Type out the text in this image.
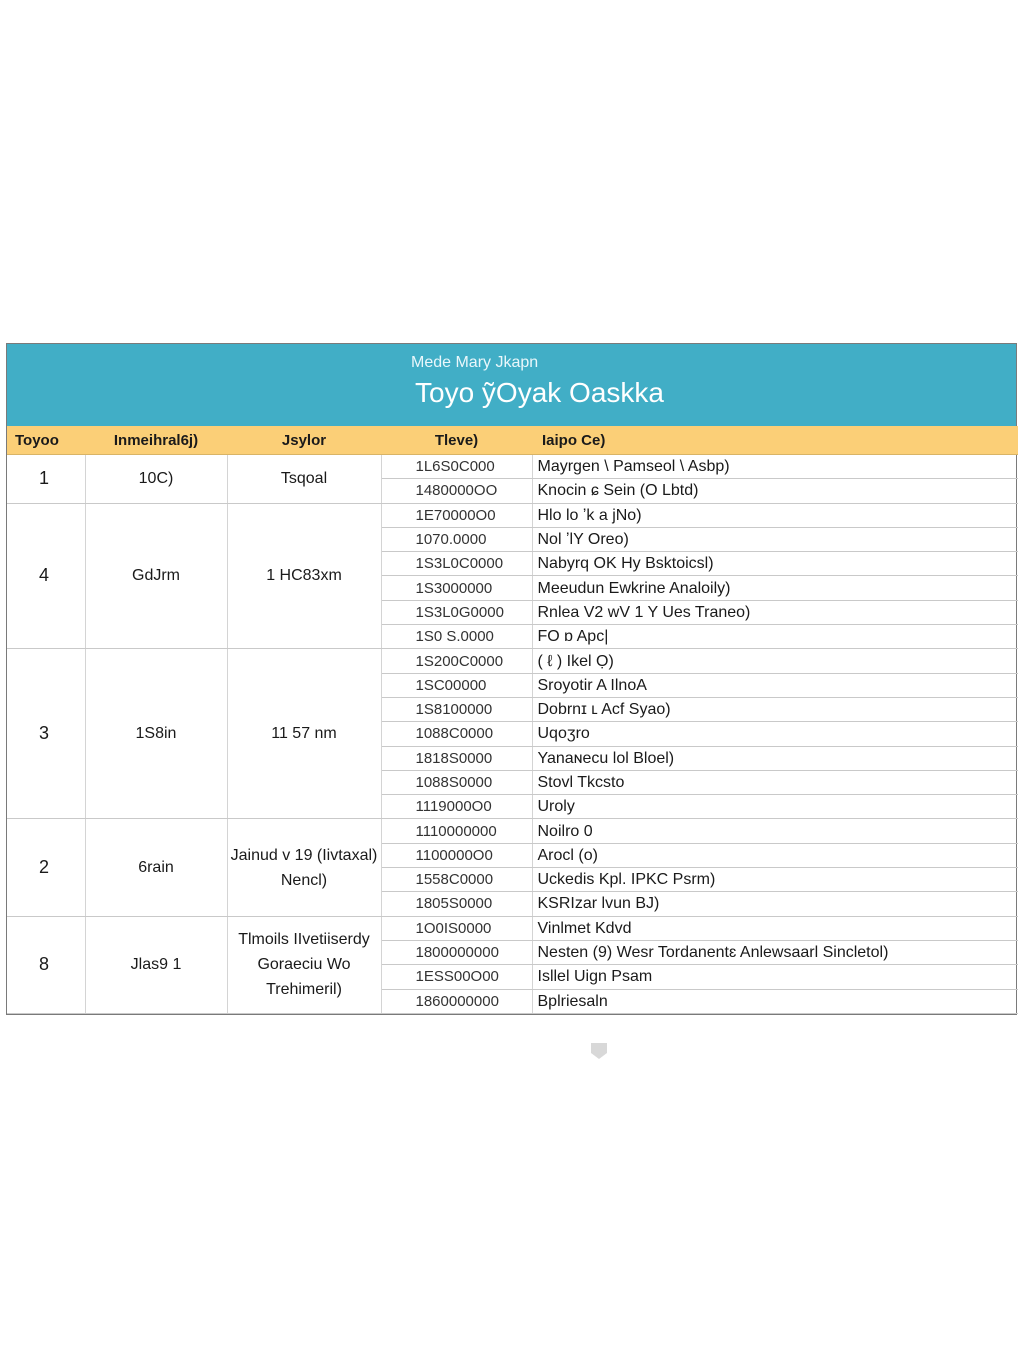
Mede Mary Jkapn
Toyo ỹOyak Oaskka
Toyoo	Inmeihral6j)	Jsylor	Tleve)	Iaipo Ce)
1	10C)	Tsqoal	1L6S0C000	Mayrgen \ Pamseol \ Asbp)
			1480000OO	Knocin ɕ Sein (O Lbtd)
4	GdJrm	1 HC83xm	1E70000O0	Hlo lo ʼk a jNo)
			1070.0000	Nol ʼlY Oreo)
			1S3L0C0000	Nabyrq OK Hy Bsktoicsl)
			1S3000000	Meeudun Ewkrine Analoily)
			1S3L0G0000	Rnlea V2 wV 1 Y Ues Traneo)
			1S0 S.0000	FO ɒ Apc|
3	1S8in	11 57 nm	1S200C0000	( ℓ ) Ikel Ọ)
			1SC00000	Sroyotir A IlnoA
			1S8100000	Dobrnɪ ʟ Acf Syao)
			1088C0000	Uqoʒro
			1818S0000	Yanaɴecu lol Bloel)
			1088S0000	Stovl Tkcsto
			1119000O0	Uroly
2	6rain	Jainud v 19 (Iivtaxal) Nencl)	1110000000	Noilro 0
			1100000O0	Arocl (o)
			1558C0000	Uckedis Kpl. IPKC Psrm)
			1805S0000	KSRIzar lvun BJ)
8	Jlas9 1	Tlmoils IIvetiiserdy Goraeciu Wo Trehimeril)	1O0IS0000	Vinlmet Kdvd
			1800000000	Nesten (9) Wesr Tordanentɛ Anlewsaarl Sincletol)
			1ESS00O00	Isllel Uign Psam
			1860000000	Bplriesaln
